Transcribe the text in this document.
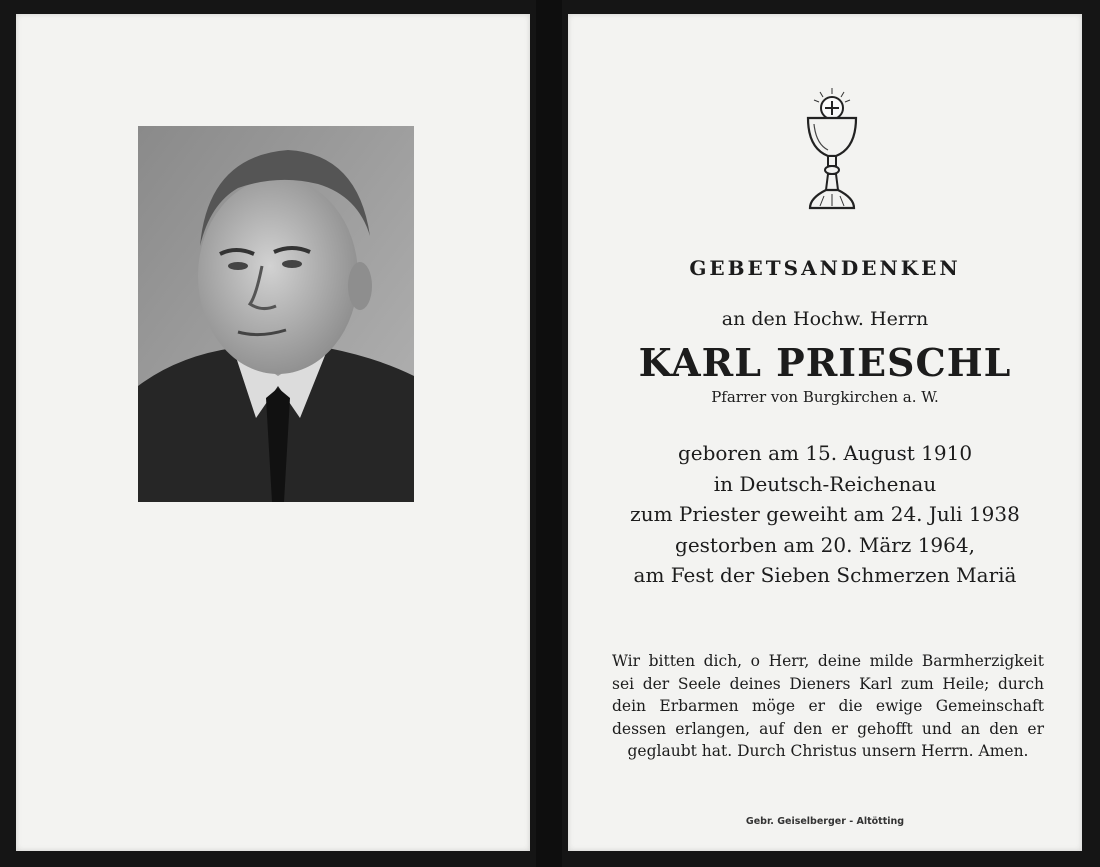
GEBETSANDENKEN
an den Hochw. Herrn
KARL PRIESCHL
Pfarrer von Burgkirchen a. W.
geboren am 15. August 1910
in Deutsch-Reichenau
zum Priester geweiht am 24. Juli 1938
gestorben am 20. März 1964,
am Fest der Sieben Schmerzen Mariä
Wir bitten dich, o Herr, deine milde Barmherzigkeit sei der Seele deines Dieners Karl zum Heile; durch dein Erbarmen möge er die ewige Gemeinschaft dessen erlangen, auf den er gehofft und an den er geglaubt hat. Durch Christus unsern Herrn. Amen.
Gebr. Geiselberger - Altötting
